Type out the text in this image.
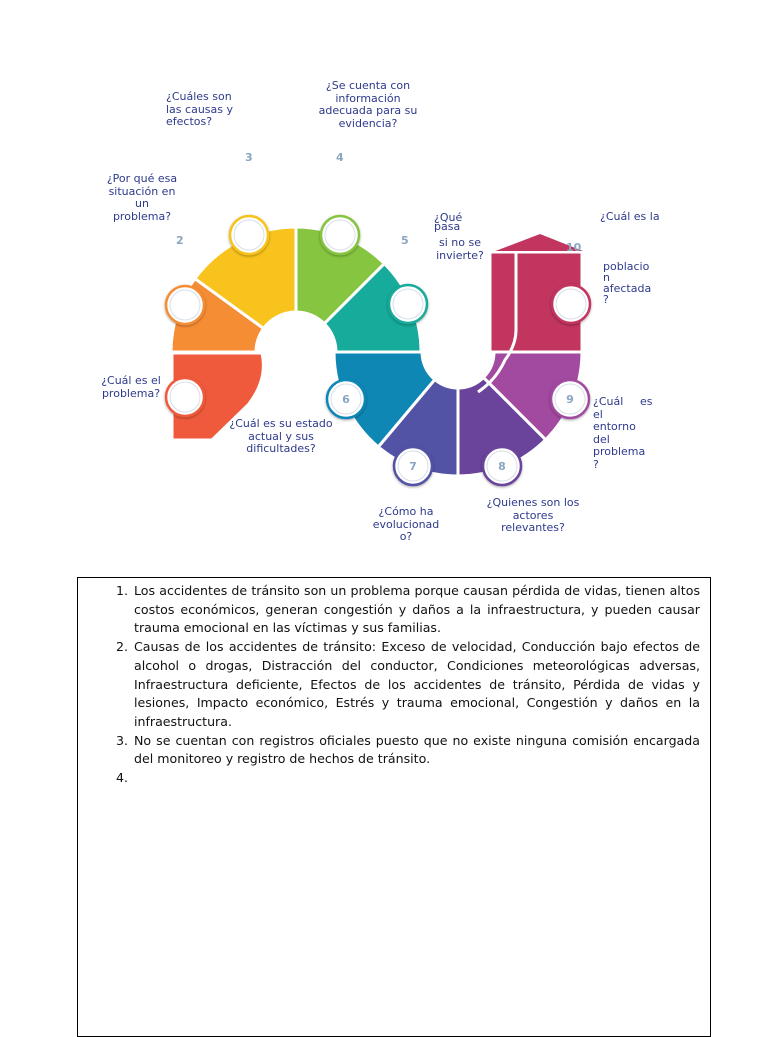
6
7	8
9
2
3	4
5
10
¿Cuál es el
problema?
¿Por qué esa
situación en
un
problema?
¿Cuáles son
las causas y
efectos?
¿Se cuenta con
información
adecuada para su
evidencia?
¿Qué
pasa
si no se
invierte?
¿Cuál es su estado
actual y sus
dificultades?
¿Cómo ha
evolucionad
o?
¿Quienes son los
actores
relevantes?
¿Cuál
el
entorno
del
problema
?
es
¿Cuál es la
poblacio
n
afectada
?
1. Los accidentes de tránsito son un problema porque causan pérdida de vidas, tienen altos costos económicos, generan congestión y daños a la infraestructura, y pueden causar trauma emocional en las víctimas y sus familias.
2. Causas de los accidentes de tránsito: Exceso de velocidad, Conducción bajo efectos de alcohol o drogas, Distracción del conductor, Condiciones meteorológicas adversas, Infraestructura deficiente, Efectos de los accidentes de tránsito, Pérdida de vidas y lesiones, Impacto económico, Estrés y trauma emocional, Congestión y daños en la infraestructura.
3. No se cuentan con registros oficiales puesto que no existe ninguna comisión encargada del monitoreo y registro de hechos de tránsito.
4.
